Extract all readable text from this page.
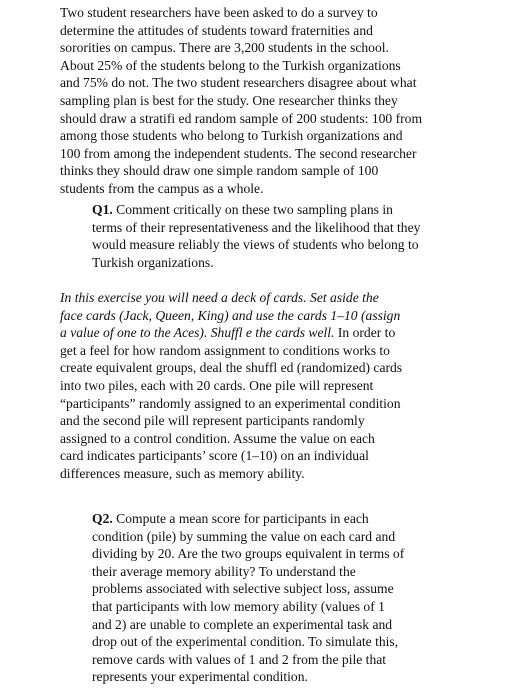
Two student researchers have been asked to do a survey to
determine the attitudes of students toward fraternities and
sororities on campus. There are 3,200 students in the school.
About 25% of the students belong to the Turkish organizations
and 75% do not. The two student researchers disagree about what
sampling plan is best for the study. One researcher thinks they
should draw a stratifi ed random sample of 200 students: 100 from
among those students who belong to Turkish organizations and
100 from among the independent students. The second researcher
thinks they should draw one simple random sample of 100
students from the campus as a whole.
Q1. Comment critically on these two sampling plans in
terms of their representativeness and the likelihood that they
would measure reliably the views of students who belong to
Turkish organizations.
In this exercise you will need a deck of cards. Set aside the
face cards (Jack, Queen, King) and use the cards 1–10 (assign
a value of one to the Aces). Shuffl e the cards well. In order to
get a feel for how random assignment to conditions works to
create equivalent groups, deal the shuffl ed (randomized) cards
into two piles, each with 20 cards. One pile will represent
“participants” randomly assigned to an experimental condition
and the second pile will represent participants randomly
assigned to a control condition. Assume the value on each
card indicates participants’ score (1–10) on an individual
differences measure, such as memory ability.
Q2. Compute a mean score for participants in each
condition (pile) by summing the value on each card and
dividing by 20. Are the two groups equivalent in terms of
their average memory ability? To understand the
problems associated with selective subject loss, assume
that participants with low memory ability (values of 1
and 2) are unable to complete an experimental task and
drop out of the experimental condition. To simulate this,
remove cards with values of 1 and 2 from the pile that
represents your experimental condition.
